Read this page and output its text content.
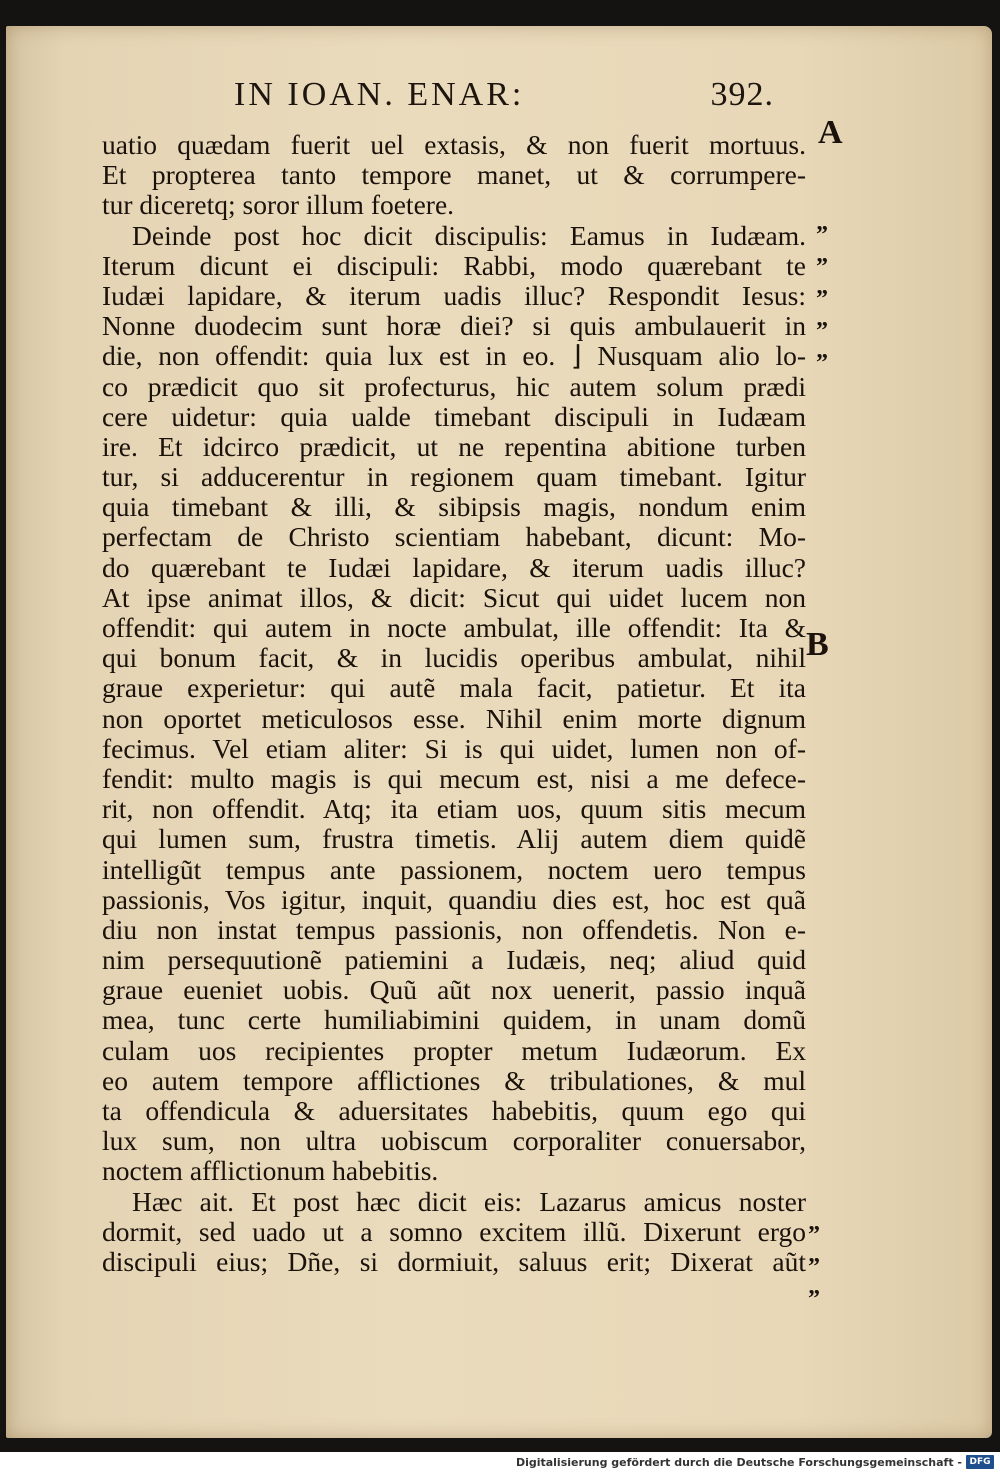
IN IOAN. ENAR:	392.
uatio quædam fuerit uel extasis, & non fuerit mortuus.
Et propterea tanto tempore manet, ut & corrumpere-
tur diceretq; soror illum foetere.
Deinde post hoc dicit discipulis: Eamus in Iudæam.
Iterum dicunt ei discipuli: Rabbi, modo quærebant te
Iudæi lapidare, & iterum uadis illuc? Respondit Iesus:
Nonne duodecim sunt horæ diei? si quis ambulauerit in
die, non offendit: quia lux est in eo. ⌋ Nusquam alio lo-
co prædicit quo sit profecturus, hic autem solum prædi
cere uidetur: quia ualde timebant discipuli in Iudæam
ire. Et idcirco prædicit, ut ne repentina abitione turben
tur, si adducerentur in regionem quam timebant. Igitur
quia timebant & illi, & sibipsis magis, nondum enim
perfectam de Christo scientiam habebant, dicunt: Mo-
do quærebant te Iudæi lapidare, & iterum uadis illuc?
At ipse animat illos, & dicit: Sicut qui uidet lucem non
offendit: qui autem in nocte ambulat, ille offendit: Ita &
qui bonum facit, & in lucidis operibus ambulat, nihil
graue experietur: qui autẽ mala facit, patietur. Et ita
non oportet meticulosos esse. Nihil enim morte dignum
fecimus. Vel etiam aliter: Si is qui uidet, lumen non of-
fendit: multo magis is qui mecum est, nisi a me defece-
rit, non offendit. Atq; ita etiam uos, quum sitis mecum
qui lumen sum, frustra timetis. Alij autem diem quidẽ
intelligũt tempus ante passionem, noctem uero tempus
passionis, Vos igitur, inquit, quandiu dies est, hoc est quã
diu non instat tempus passionis, non offendetis. Non e-
nim persequutionẽ patiemini a Iudæis, neq; aliud quid
graue eueniet uobis. Quũ aũt nox uenerit, passio inquã
mea, tunc certe humiliabimini quidem, in unam domũ
culam uos recipientes propter metum Iudæorum. Ex
eo autem tempore afflictiones & tribulationes, & mul
ta offendicula & aduersitates habebitis, quum ego qui
lux sum, non ultra uobiscum corporaliter conuersabor,
noctem afflictionum habebitis.
Hæc ait. Et post hæc dicit eis: Lazarus amicus noster
dormit, sed uado ut a somno excitem illũ. Dixerunt ergo
discipuli eius; Dñe, si dormiuit, saluus erit; Dixerat aũt
A
B
”
”
”
”
”
”
”
”
Digitalisierung gefördert durch die Deutsche Forschungsgemeinschaft - DFG
